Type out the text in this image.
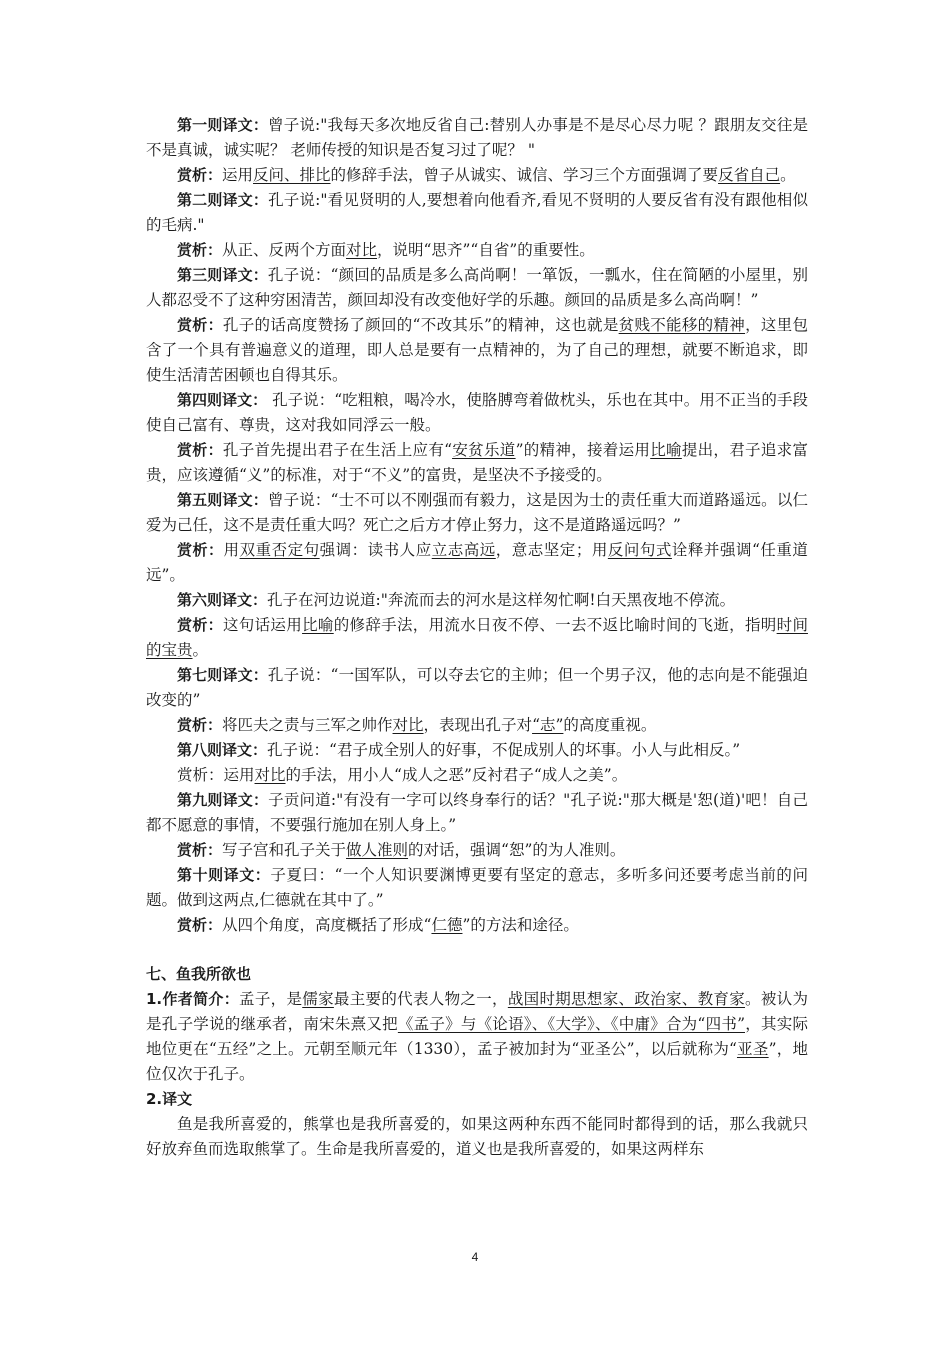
第一则译文：曾子说:"我每天多次地反省自己:替别人办事是不是尽心尽力呢 ？跟朋友交往是不是真诚，诚实呢？ 老师传授的知识是否复习过了呢？ "

赏析：运用反问、排比的修辞手法，曾子从诚实、诚信、学习三个方面强调了要反省自己。

第二则译文：孔子说:"看见贤明的人,要想着向他看齐,看见不贤明的人要反省有没有跟他相似的毛病."

赏析：从正、反两个方面对比，说明“思齐”“自省”的重要性。

第三则译文：孔子说：“颜回的品质是多么高尚啊！一箪饭，一瓢水，住在简陋的小屋里，别人都忍受不了这种穷困清苦，颜回却没有改变他好学的乐趣。颜回的品质是多么高尚啊！”

赏析：孔子的话高度赞扬了颜回的“不改其乐”的精神，这也就是贫贱不能移的精神，这里包含了一个具有普遍意义的道理，即人总是要有一点精神的，为了自己的理想，就要不断追求，即使生活清苦困顿也自得其乐。

第四则译文： 孔子说：“吃粗粮，喝冷水，使胳膊弯着做枕头，乐也在其中。用不正当的手段使自己富有、尊贵，这对我如同浮云一般。

赏析：孔子首先提出君子在生活上应有“安贫乐道”的精神，接着运用比喻提出，君子追求富贵，应该遵循“义”的标准，对于“不义”的富贵，是坚决不予接受的。

第五则译文：曾子说：“士不可以不刚强而有毅力，这是因为士的责任重大而道路遥远。以仁爱为己任，这不是责任重大吗？死亡之后方才停止努力，这不是道路遥远吗？”

赏析：用双重否定句强调：读书人应立志高远，意志坚定；用反问句式诠释并强调“任重道远”。

第六则译文：孔子在河边说道:"奔流而去的河水是这样匆忙啊!白天黑夜地不停流。

赏析：这句话运用比喻的修辞手法，用流水日夜不停、一去不返比喻时间的飞逝，指明时间的宝贵。

第七则译文：孔子说：“一国军队，可以夺去它的主帅；但一个男子汉，他的志向是不能强迫改变的”

赏析：将匹夫之责与三军之帅作对比，表现出孔子对“志”的高度重视。

第八则译文：孔子说：“君子成全别人的好事，不促成别人的坏事。小人与此相反。”

赏析：运用对比的手法，用小人“成人之恶”反衬君子“成人之美”。

第九则译文：子贡问道:"有没有一字可以终身奉行的话？"孔子说:"那大概是'恕(道)'吧！自己都不愿意的事情，不要强行施加在别人身上。”

赏析：写子宫和孔子关于做人准则的对话，强调“恕”的为人准则。

第十则译文：子夏曰：“一个人知识要渊博更要有坚定的意志，多听多问还要考虑当前的问题。做到这两点,仁德就在其中了。”

赏析：从四个角度，高度概括了形成“仁德”的方法和途径。

七、鱼我所欲也

1.作者简介：孟子，是儒家最主要的代表人物之一，战国时期思想家、政治家、教育家。被认为是孔子学说的继承者，南宋朱熹又把《孟子》与《论语》、《大学》、《中庸》合为“四书”，其实际地位更在“五经”之上。元朝至顺元年（1330），孟子被加封为“亚圣公”，以后就称为“亚圣”，地位仅次于孔子。

2.译文

鱼是我所喜爱的，熊掌也是我所喜爱的，如果这两种东西不能同时都得到的话，那么我就只好放弃鱼而选取熊掌了。生命是我所喜爱的，道义也是我所喜爱的，如果这两样东

4
